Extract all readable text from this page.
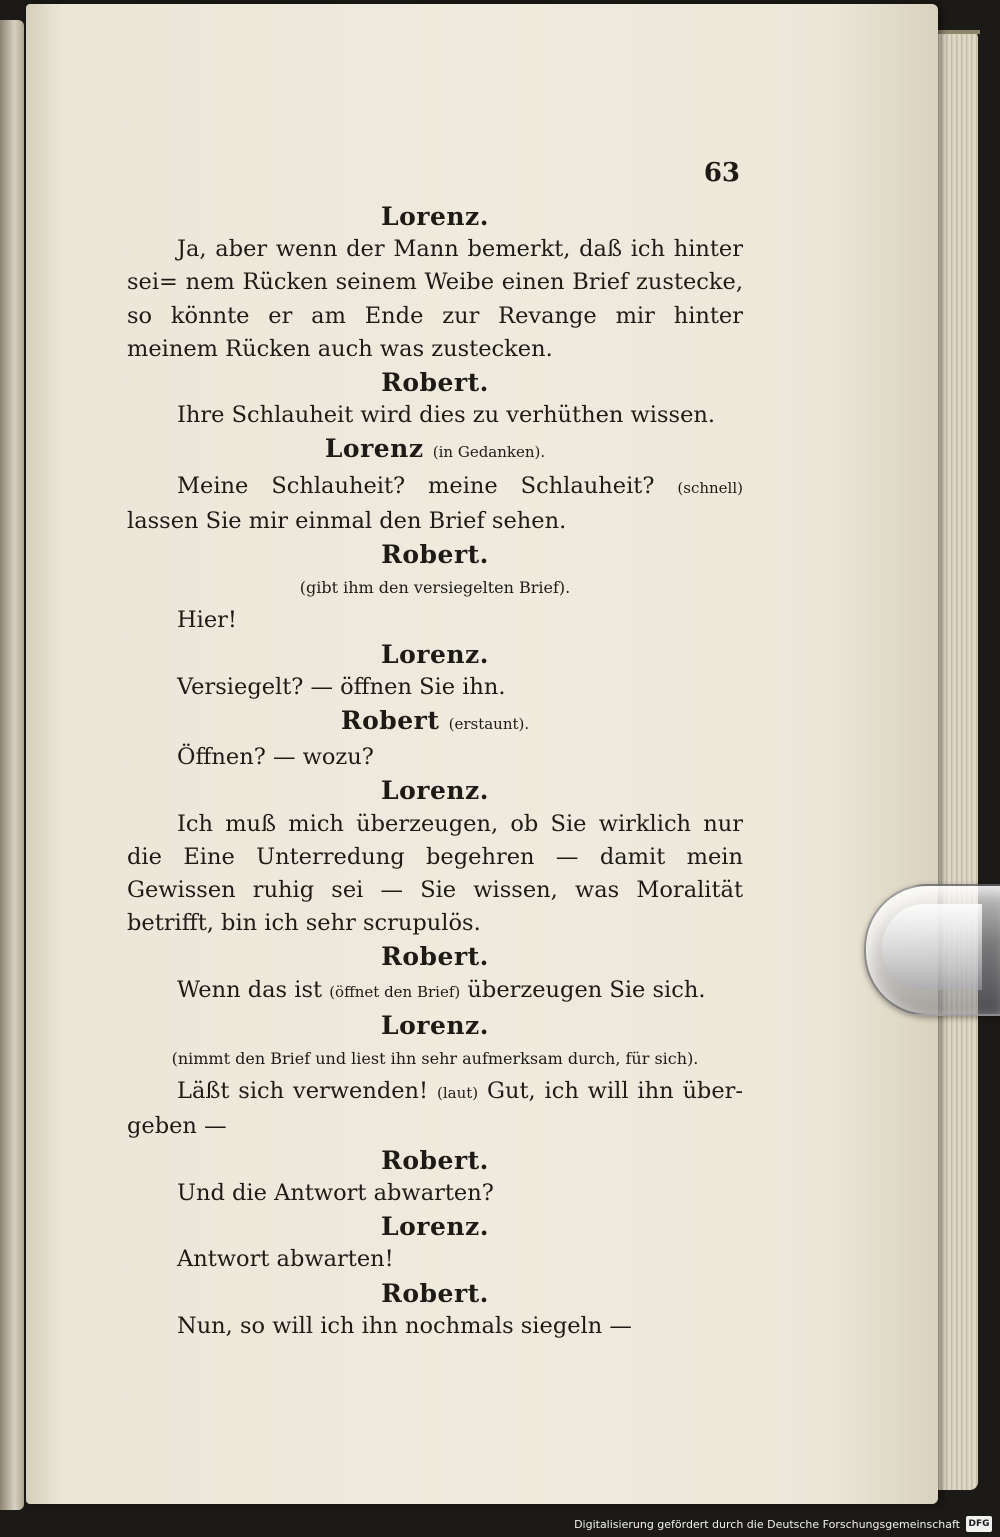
63
Lorenz.
Ja, aber wenn der Mann bemerkt, daß ich hinter sei= nem Rücken seinem Weibe einen Brief zustecke, so könnte er am Ende zur Revange mir hinter meinem Rücken auch was zustecken.
Robert.
Ihre Schlauheit wird dies zu verhüthen wissen.
Lorenz (in Gedanken).
Meine Schlauheit? meine Schlauheit? (schnell) lassen Sie mir einmal den Brief sehen.
Robert.
(gibt ihm den versiegelten Brief).
Hier!
Lorenz.
Versiegelt? — öffnen Sie ihn.
Robert (erstaunt).
Öffnen? — wozu?
Lorenz.
Ich muß mich überzeugen, ob Sie wirklich nur die Eine Unterredung begehren — damit mein Gewissen ruhig sei — Sie wissen, was Moralität betrifft, bin ich sehr scrupulös.
Robert.
Wenn das ist (öffnet den Brief) überzeugen Sie sich.
Lorenz.
(nimmt den Brief und liest ihn sehr aufmerksam durch, für sich).
Läßt sich verwenden! (laut) Gut, ich will ihn über- geben —
Robert.
Und die Antwort abwarten?
Lorenz.
Antwort abwarten!
Robert.
Nun, so will ich ihn nochmals siegeln —
Digitalisierung gefördert durch die Deutsche Forschungsgemeinschaft DFG
